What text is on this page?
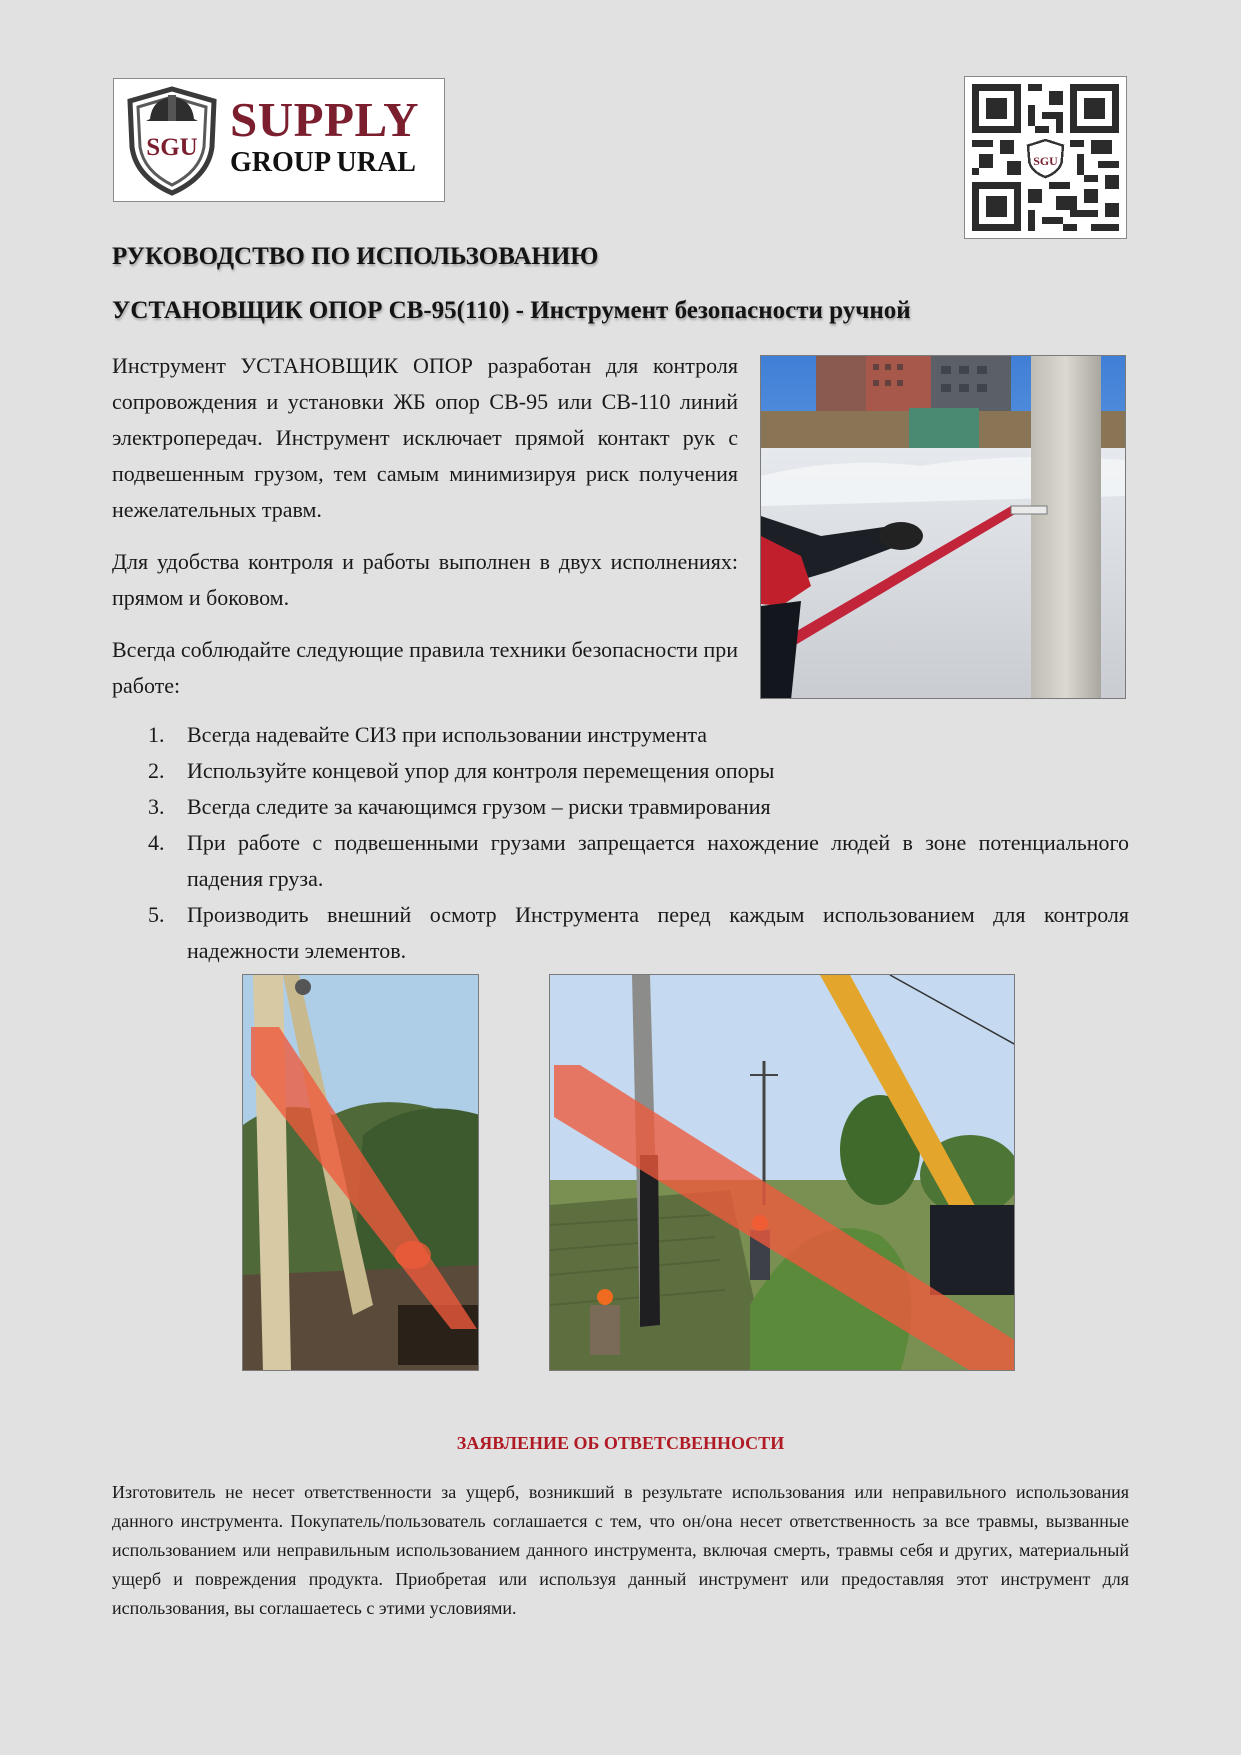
SGU
SUPPLY
GROUP URAL	SGU
РУКОВОДСТВО ПО ИСПОЛЬЗОВАНИЮ
УСТАНОВЩИК ОПОР СВ-95(110) - Инструмент безопасности ручной

Инструмент УСТАНОВЩИК ОПОР разработан для контроля сопровождения и установки ЖБ опор СВ-95 или СВ-110 линий электропередач. Инструмент исключает прямой контакт рук с подвешенным грузом, тем самым минимизируя риск получения нежелательных травм.

Для удобства контроля и работы выполнен в двух исполнениях: прямом и боковом.

Всегда соблюдайте следующие правила техники безопасности при работе:

1. Всегда надевайте СИЗ при использовании инструмента
2. Используйте концевой упор для контроля перемещения опоры
3. Всегда следите за качающимся грузом – риски травмирования
4. При работе с подвешенными грузами запрещается нахождение людей в зоне потенциального падения груза.
5. Производить внешний осмотр Инструмента перед каждым использованием для контроля надежности элементов.
ЗАЯВЛЕНИЕ ОБ ОТВЕТСВЕННОСТИ
Изготовитель не несет ответственности за ущерб, возникший в результате использования или неправильного использования данного инструмента. Покупатель/пользователь соглашается с тем, что он/она несет ответственность за все травмы, вызванные использованием или неправильным использованием данного инструмента, включая смерть, травмы себя и других, материальный ущерб и повреждения продукта. Приобретая или используя данный инструмент или предоставляя этот инструмент для использования, вы соглашаетесь с этими условиями.
